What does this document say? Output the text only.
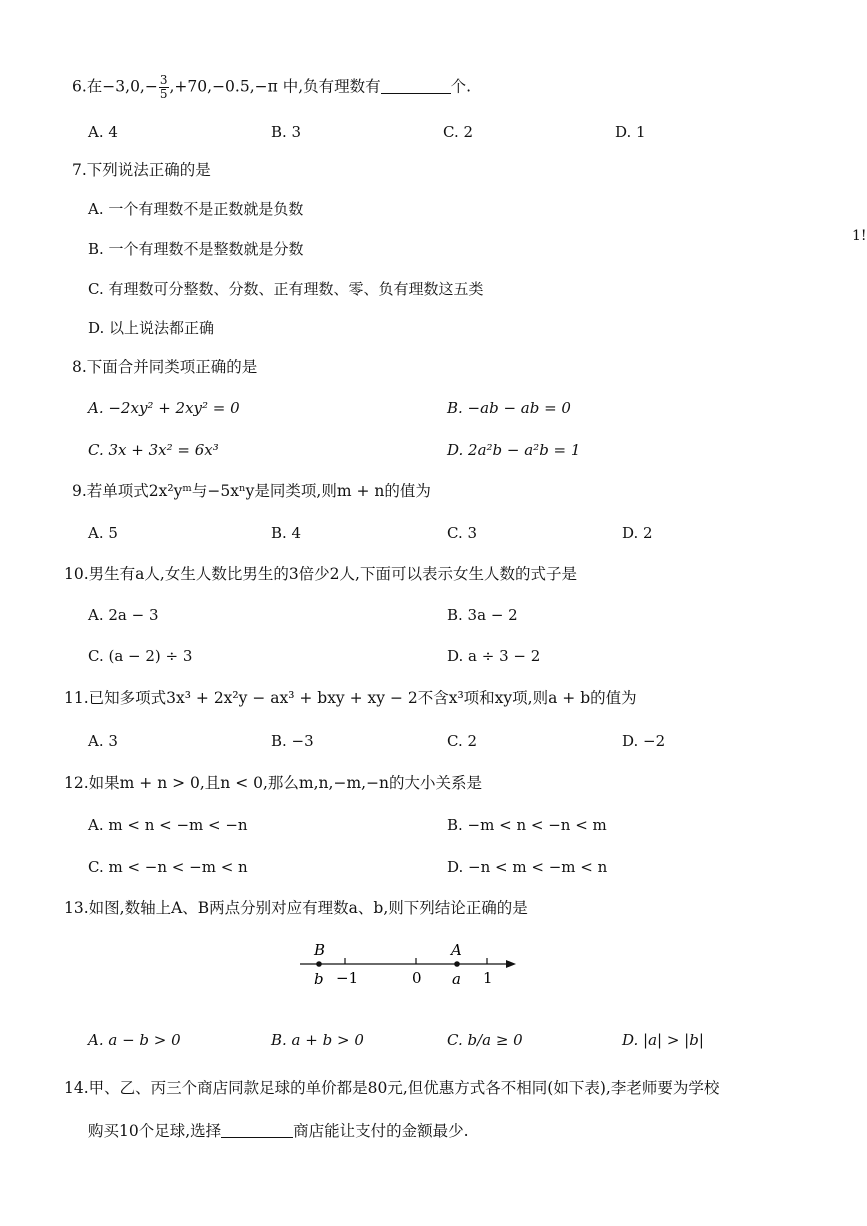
6.在$-3,0,- \frac{3}{5} ,+70,-0.5,-\pi$ 中,负有理数有	个.
A. 4	B. 3	C. 2	D. 1
7.下列说法正确的是
A. 一个有理数不是正数就是负数
B. 一个有理数不是整数就是分数
C. 有理数可分整数、分数、正有理数、零、负有理数这五类
D. 以上说法都正确
1!
8.下面合并同类项正确的是
A. −2xy² + 2xy² = 0	B. −ab − ab = 0
C. 3x + 3x² = 6x³	D. 2a²b − a²b = 1
9.若单项式2x²yᵐ与−5xⁿy是同类项,则m + n的值为
A. 5	B. 4	C. 3	D. 2
10.男生有a人,女生人数比男生的3倍少2人,下面可以表示女生人数的式子是
A. 2a − 3	B. 3a − 2
C. (a − 2) ÷ 3	D. a ÷ 3 − 2
11.已知多项式3x³ + 2x²y − ax³ + bxy + xy − 2不含x³项和xy项,则a + b的值为
A. 3	B. −3	C. 2	D. −2
12.如果m + n > 0,且n < 0,那么m,n,−m,−n的大小关系是
A. m < n < −m < −n	B. −m < n < −n < m
C. m < −n < −m < n	D. −n < m < −m < n
13.如图,数轴上A、B两点分别对应有理数a、b,则下列结论正确的是
B	A
b −1	0 a 1
A. a − b > 0	B. a + b > 0	C. b/a ≥ 0	D. |a| > |b|
14.甲、乙、丙三个商店同款足球的单价都是80元,但优惠方式各不相同(如下表),李老师要为学校
购买10个足球,选择	商店能让支付的金额最少.
